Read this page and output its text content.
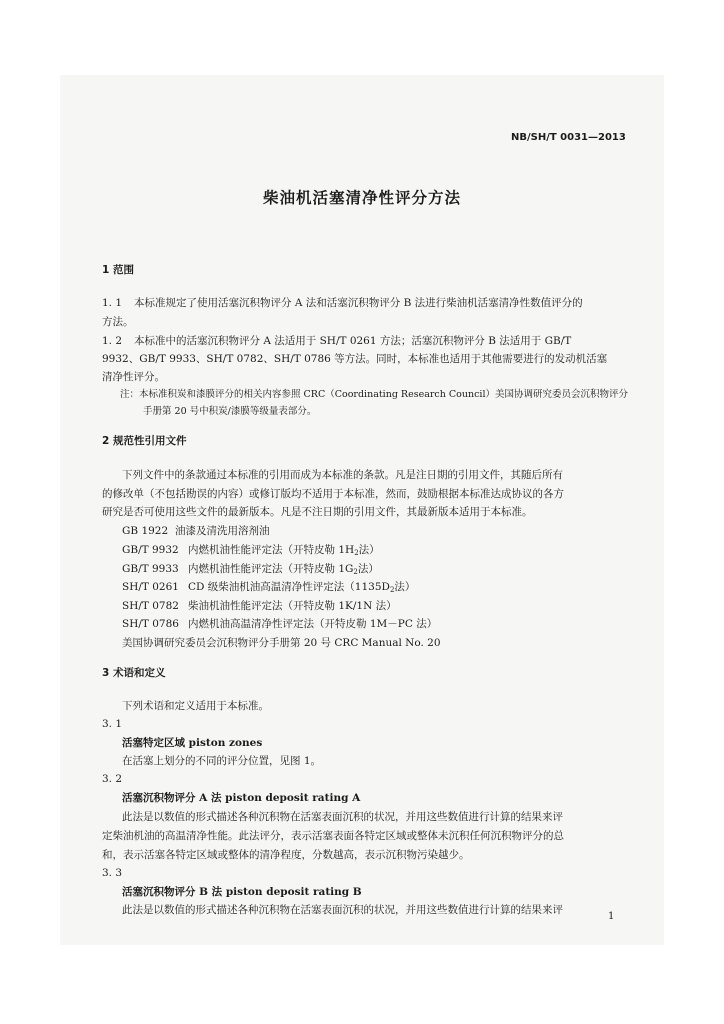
NB/SH/T 0031—2013
柴油机活塞清净性评分方法
1 范围
1. 1 本标准规定了使用活塞沉积物评分 A 法和活塞沉积物评分 B 法进行柴油机活塞清净性数值评分的
方法。
1. 2 本标准中的活塞沉积物评分 A 法适用于 SH/T 0261 方法；活塞沉积物评分 B 法适用于 GB/T
9932、GB/T 9933、SH/T 0782、SH/T 0786 等方法。同时，本标准也适用于其他需要进行的发动机活塞
清净性评分。
注：本标准积炭和漆膜评分的相关内容参照 CRC（Coordinating Research Council）美国协调研究委员会沉积物评分
手册第 20 号中积炭/漆膜等级量表部分。
2 规范性引用文件
下列文件中的条款通过本标准的引用而成为本标准的条款。凡是注日期的引用文件，其随后所有
的修改单（不包括勘误的内容）或修订版均不适用于本标准，然而，鼓励根据本标准达成协议的各方
研究是否可使用这些文件的最新版本。凡是不注日期的引用文件，其最新版本适用于本标准。
GB 1922 油漆及清洗用溶剂油
GB/T 9932 内燃机油性能评定法（开特皮勒 $1H_2$法）
GB/T 9933 内燃机油性能评定法（开特皮勒 $1G_2$法）
SH/T 0261 CD 级柴油机油高温清净性评定法（$1135D_2$法）
SH/T 0782 柴油机油性能评定法（开特皮勒 1K/1N 法）
SH/T 0786 内燃机油高温清净性评定法（开特皮勒 1M－PC 法）
美国协调研究委员会沉积物评分手册第 20 号 CRC Manual No. 20
3 术语和定义
下列术语和定义适用于本标准。
3. 1
活塞特定区域 piston zones
在活塞上划分的不同的评分位置，见图 1。
3. 2
活塞沉积物评分 A 法 piston deposit rating A
此法是以数值的形式描述各种沉积物在活塞表面沉积的状况，并用这些数值进行计算的结果来评
定柴油机油的高温清净性能。此法评分，表示活塞表面各特定区域或整体未沉积任何沉积物评分的总
和，表示活塞各特定区域或整体的清净程度，分数越高，表示沉积物污染越少。
3. 3
活塞沉积物评分 B 法 piston deposit rating B
此法是以数值的形式描述各种沉积物在活塞表面沉积的状况，并用这些数值进行计算的结果来评
1
